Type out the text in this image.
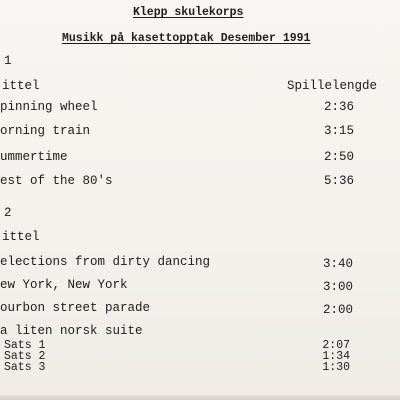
Klepp skulekorps
Musikk på kasettopptak Desember 1991
1
ittel	Spillelengde
pinning wheel	2:36
orning train	3:15
ummertime	2:50
est of the 80's	5:36
2
ittel
elections from dirty dancing	3:40
ew York, New York	3:00
ourbon street parade	2:00
a liten norsk suite
Sats 1	2:07
Sats 2	1:34
Sats 3	1:30
